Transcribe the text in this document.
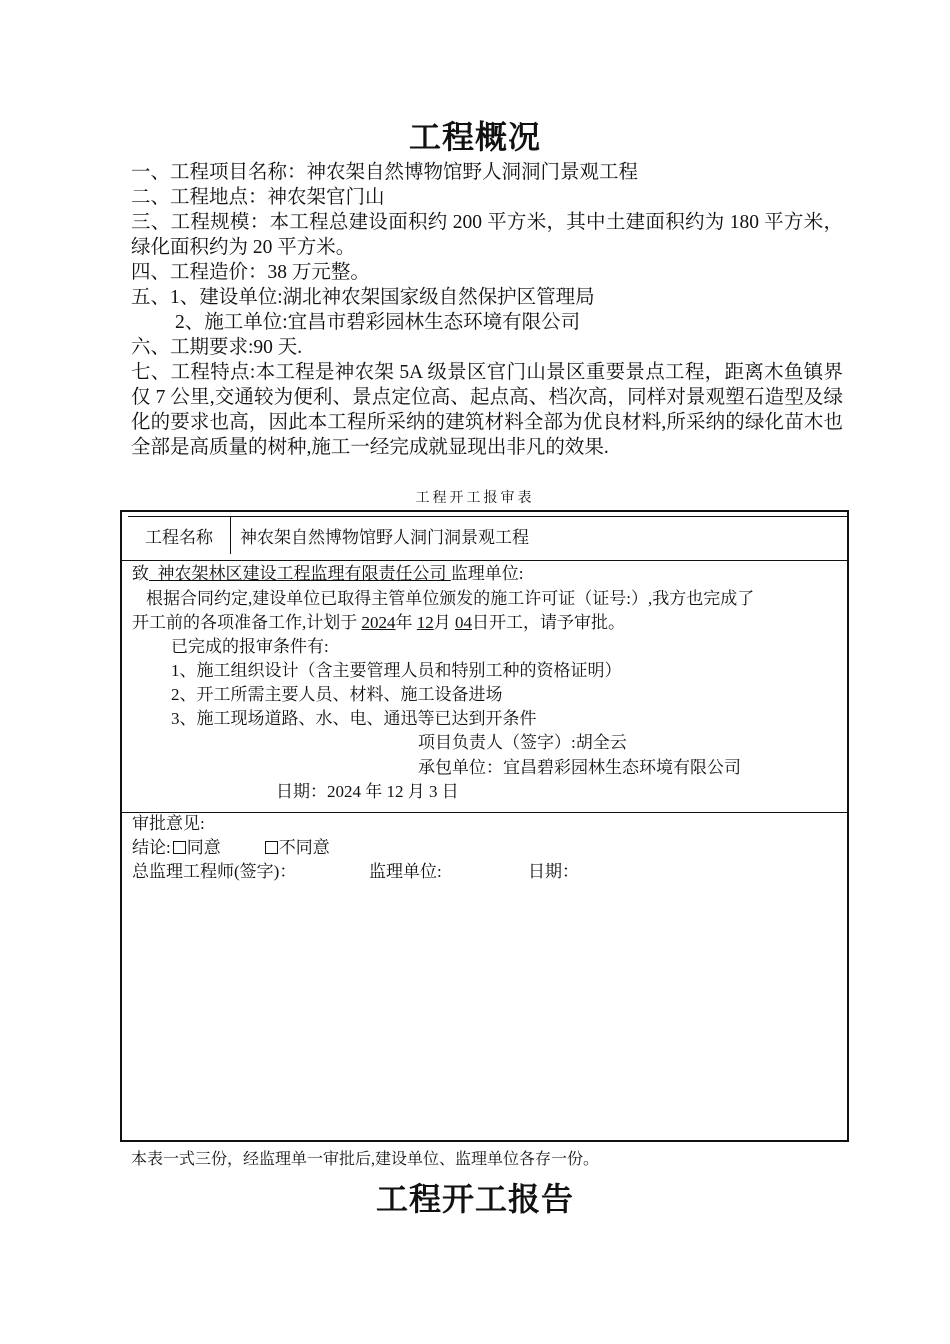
工程概况
一、工程项目名称：神农架自然博物馆野人洞洞门景观工程
二、工程地点：神农架官门山
三、工程规模：本工程总建设面积约 200 平方米，其中土建面积约为 180 平方米，绿化面积约为 20 平方米。
四、工程造价：38 万元整。
五、1、建设单位:湖北神农架国家级自然保护区管理局
2、施工单位:宜昌市碧彩园林生态环境有限公司
六、工期要求:90 天.
七、工程特点:本工程是神农架 5A 级景区官门山景区重要景点工程，距离木鱼镇界仅 7 公里,交通较为便利、景点定位高、起点高、档次高，同样对景观塑石造型及绿化的要求也高，因此本工程所采纳的建筑材料全部为优良材料,所采纳的绿化苗木也全部是高质量的树种,施工一经完成就显现出非凡的效果.
工程开工报审表
工程名称	神农架自然博物馆野人洞门洞景观工程
致  神农架林区建设工程监理有限责任公司 监理单位:
根据合同约定,建设单位已取得主管单位颁发的施工许可证（证号:）,我方也完成了
开工前的各项准备工作,计划于 2024年 12月 04日开工，请予审批。
已完成的报审条件有:
1、施工组织设计（含主要管理人员和特别工种的资格证明）
2、开工所需主要人员、材料、施工设备进场
3、施工现场道路、水、电、通迅等已达到开条件
项目负责人（签字）:胡全云
承包单位：宜昌碧彩园林生态环境有限公司
日期：2024 年 12 月 3 日
审批意见:
结论: 同意	不同意
总监理工程师(签字)：	监理单位:	日期：
本表一式三份，经监理单一审批后,建设单位、监理单位各存一份。
工程开工报告
